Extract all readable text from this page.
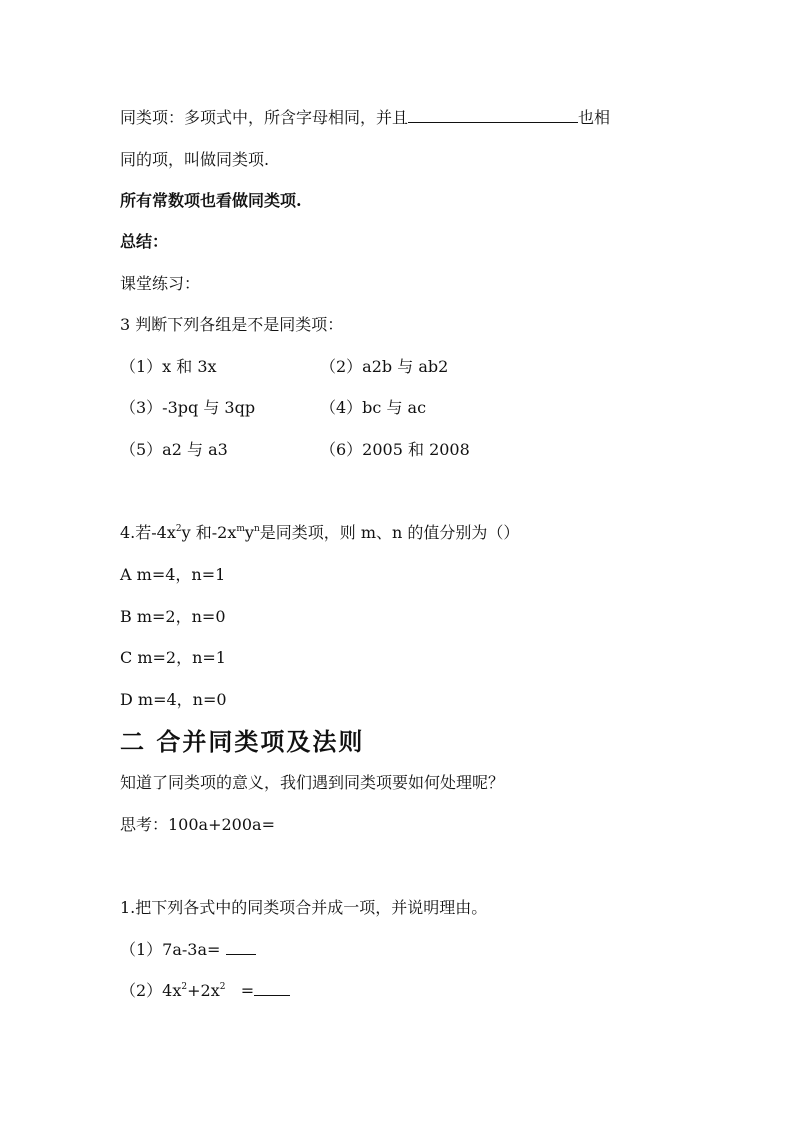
同类项：多项式中，所含字母相同，并且	也相
同的项，叫做同类项.
所有常数项也看做同类项.
总结：
课堂练习：
3 判断下列各组是不是同类项：
（1）x 和 3x	（2）a2b 与 ab2
（3）-3pq 与 3qp	（4）bc 与 ac
（5）a2 与 a3	（6）2005 和 2008
4.若$-4x^2y$ 和$-2x^my^n$是同类项，则 m、n 的值分别为（）
A m=4，n=1
B m=2，n=0
C m=2，n=1
D m=4，n=0
二 合并同类项及法则
知道了同类项的意义，我们遇到同类项要如何处理呢？
思考：100a+200a=
1.把下列各式中的同类项合并成一项，并说明理由。
（1）7a-3a=
$(2)4x^2+2x^2$ =
